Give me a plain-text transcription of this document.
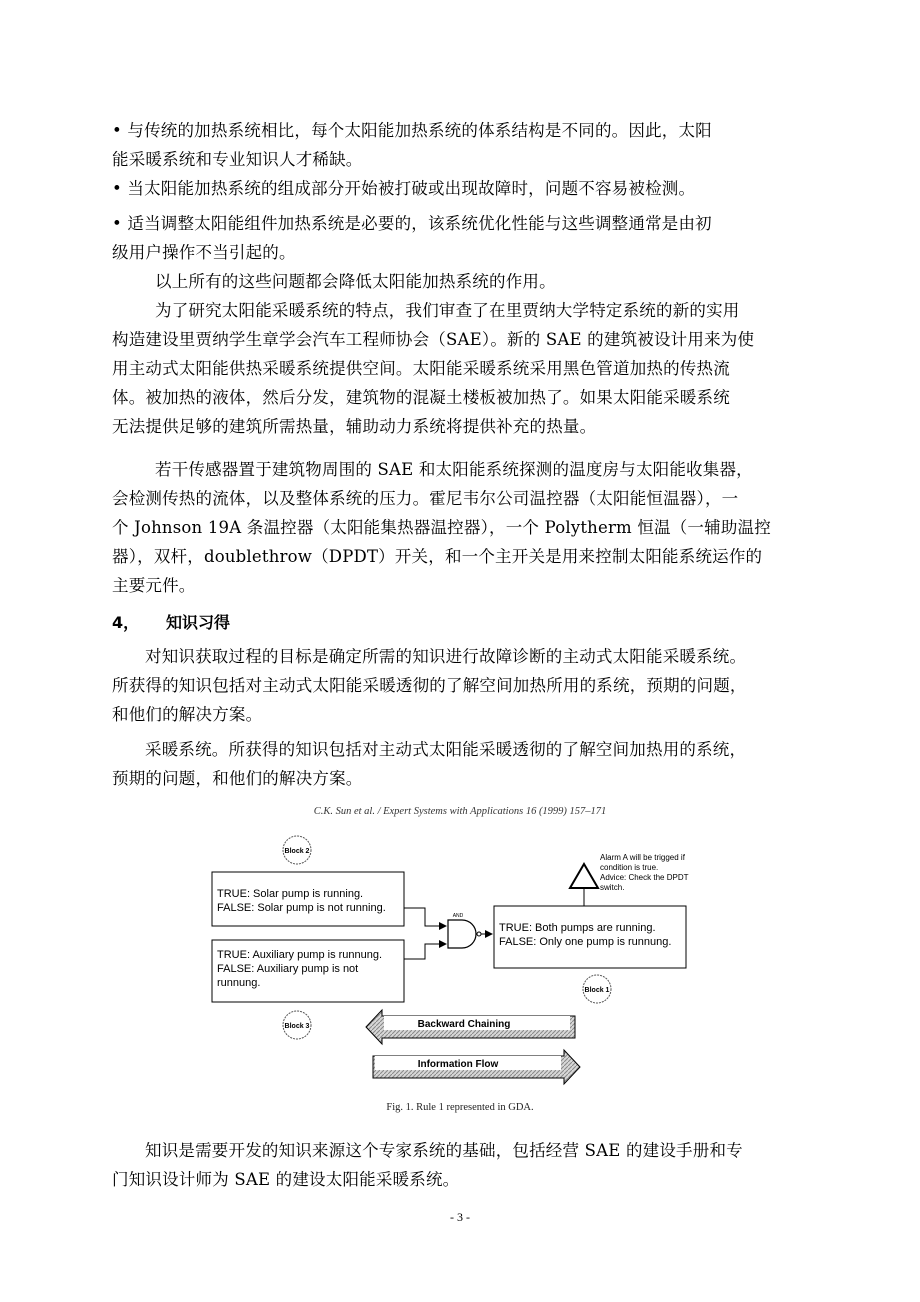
• 与传统的加热系统相比，每个太阳能加热系统的体系结构是不同的。因此，太阳
能采暖系统和专业知识人才稀缺。

• 当太阳能加热系统的组成部分开始被打破或出现故障时，问题不容易被检测。

• 适当调整太阳能组件加热系统是必要的，该系统优化性能与这些调整通常是由初
级用户操作不当引起的。

以上所有的这些问题都会降低太阳能加热系统的作用。

为了研究太阳能采暖系统的特点，我们审查了在里贾纳大学特定系统的新的实用
构造建设里贾纳学生章学会汽车工程师协会（SAE）。新的 SAE 的建筑被设计用来为使
用主动式太阳能供热采暖系统提供空间。太阳能采暖系统采用黑色管道加热的传热流
体。被加热的液体，然后分发，建筑物的混凝土楼板被加热了。如果太阳能采暖系统
无法提供足够的建筑所需热量，辅助动力系统将提供补充的热量。

若干传感器置于建筑物周围的 SAE 和太阳能系统探测的温度房与太阳能收集器，
会检测传热的流体，以及整体系统的压力。霍尼韦尔公司温控器（太阳能恒温器），一
个 Johnson 19A 条温控器（太阳能集热器温控器），一个 Polytherm 恒温（一辅助温控
器），双杆，doublethrow（DPDT）开关，和一个主开关是用来控制太阳能系统运作的
主要元件。

4， 知识习得

对知识获取过程的目标是确定所需的知识进行故障诊断的主动式太阳能采暖系统。
所获得的知识包括对主动式太阳能采暖透彻的了解空间加热所用的系统，预期的问题，
和他们的解决方案。

采暖系统。所获得的知识包括对主动式太阳能采暖透彻的了解空间加热用的系统，
预期的问题，和他们的解决方案。

C.K. Sun et al. / Expert Systems with Applications 16 (1999) 157–171
Block 2
TRUE: Solar pump is running.
FALSE: Solar pump is not running.
TRUE: Auxiliary pump is runnung.
FALSE: Auxiliary pump is not
runnung.
AND
TRUE: Both pumps are running.
FALSE: Only one pump is runnung.
Alarm A will be trigged if
condition is true.
Advice: Check the DPDT
switch.
Block 1
Block 3	Backward Chaining
Information Flow
Fig. 1. Rule 1 represented in GDA.

知识是需要开发的知识来源这个专家系统的基础，包括经营 SAE 的建设手册和专
门知识设计师为 SAE 的建设太阳能采暖系统。

- 3 -
